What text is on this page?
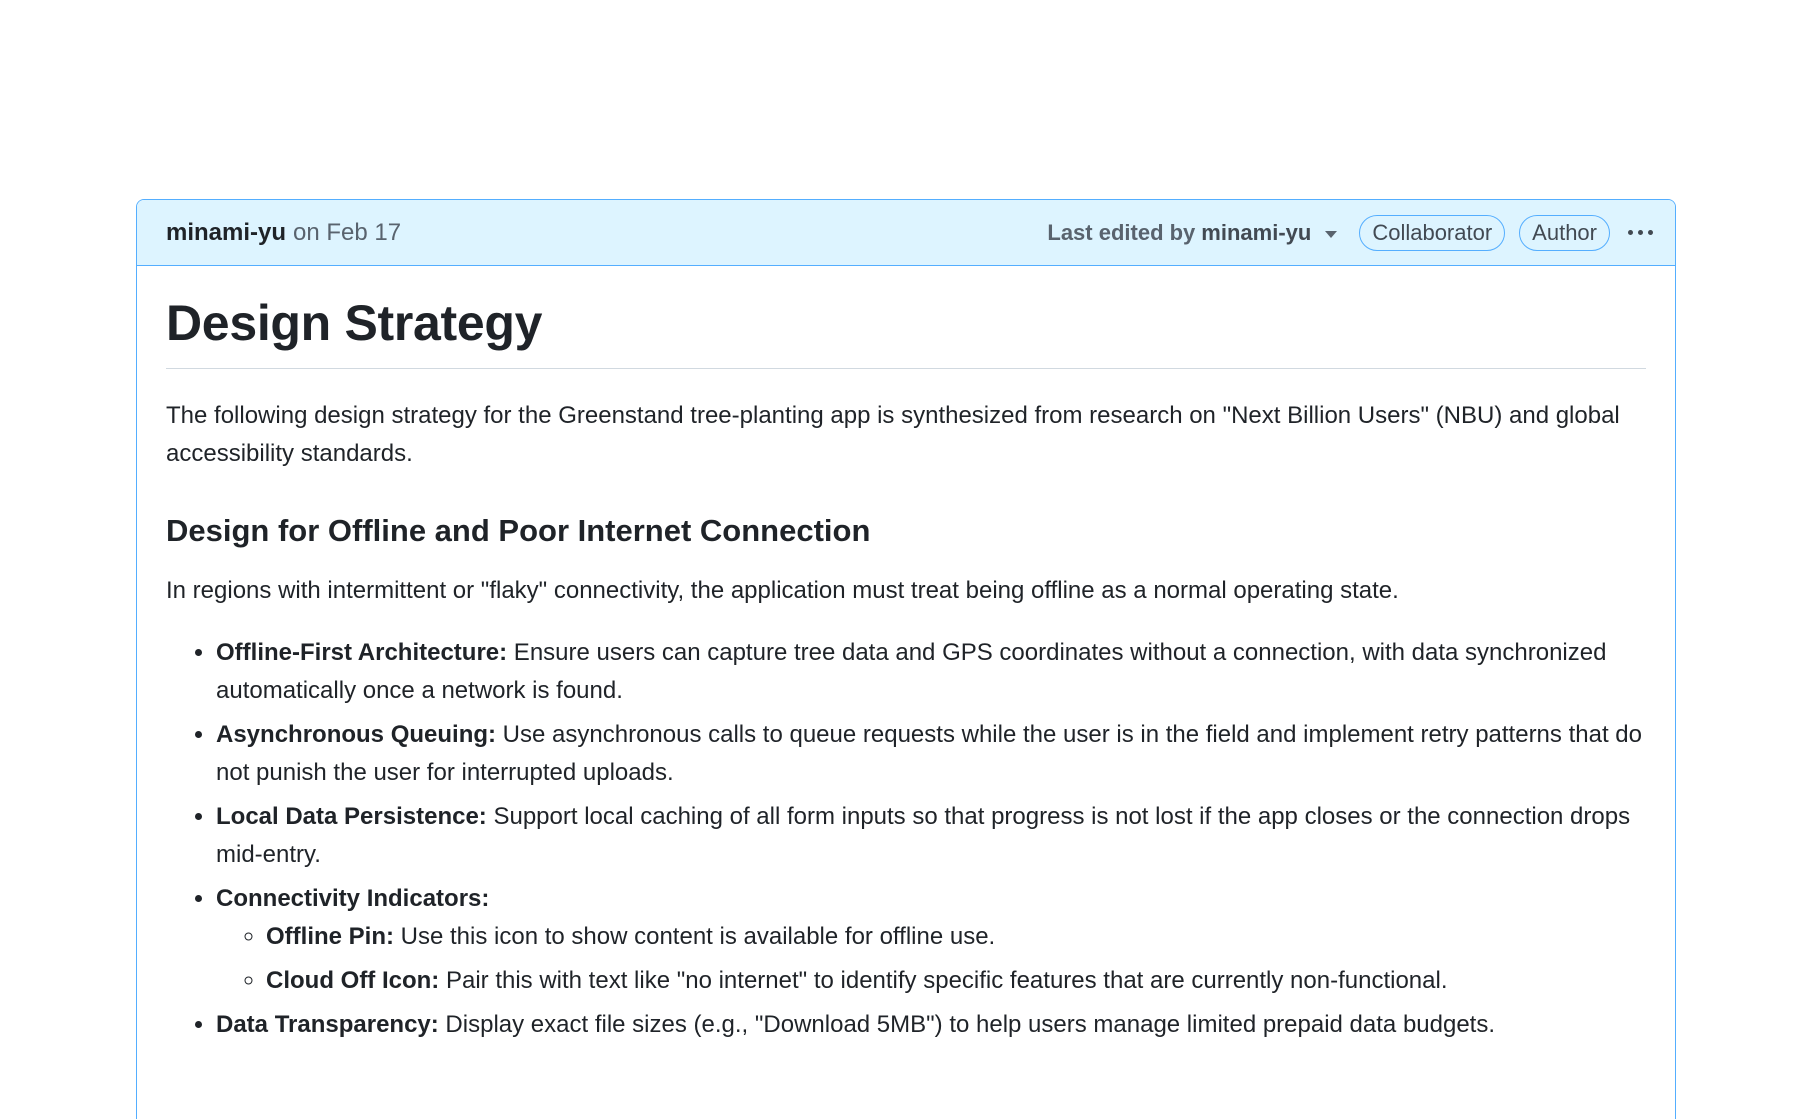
minami-yu on Feb 17	Last edited by minami-yu	Collaborator	Author
Design Strategy

The following design strategy for the Greenstand tree-planting app is synthesized from research on "Next Billion Users" (NBU) and global accessibility standards.

Design for Offline and Poor Internet Connection

In regions with intermittent or "flaky" connectivity, the application must treat being offline as a normal operating state.

• Offline-First Architecture: Ensure users can capture tree data and GPS coordinates without a connection, with data synchronized automatically once a network is found.
• Asynchronous Queuing: Use asynchronous calls to queue requests while the user is in the field and implement retry patterns that do not punish the user for interrupted uploads.
• Local Data Persistence: Support local caching of all form inputs so that progress is not lost if the app closes or the connection drops mid-entry.
• Connectivity Indicators:
◦ Offline Pin: Use this icon to show content is available for offline use.
◦ Cloud Off Icon: Pair this with text like "no internet" to identify specific features that are currently non-functional.
• Data Transparency: Display exact file sizes (e.g., "Download 5MB") to help users manage limited prepaid data budgets.
